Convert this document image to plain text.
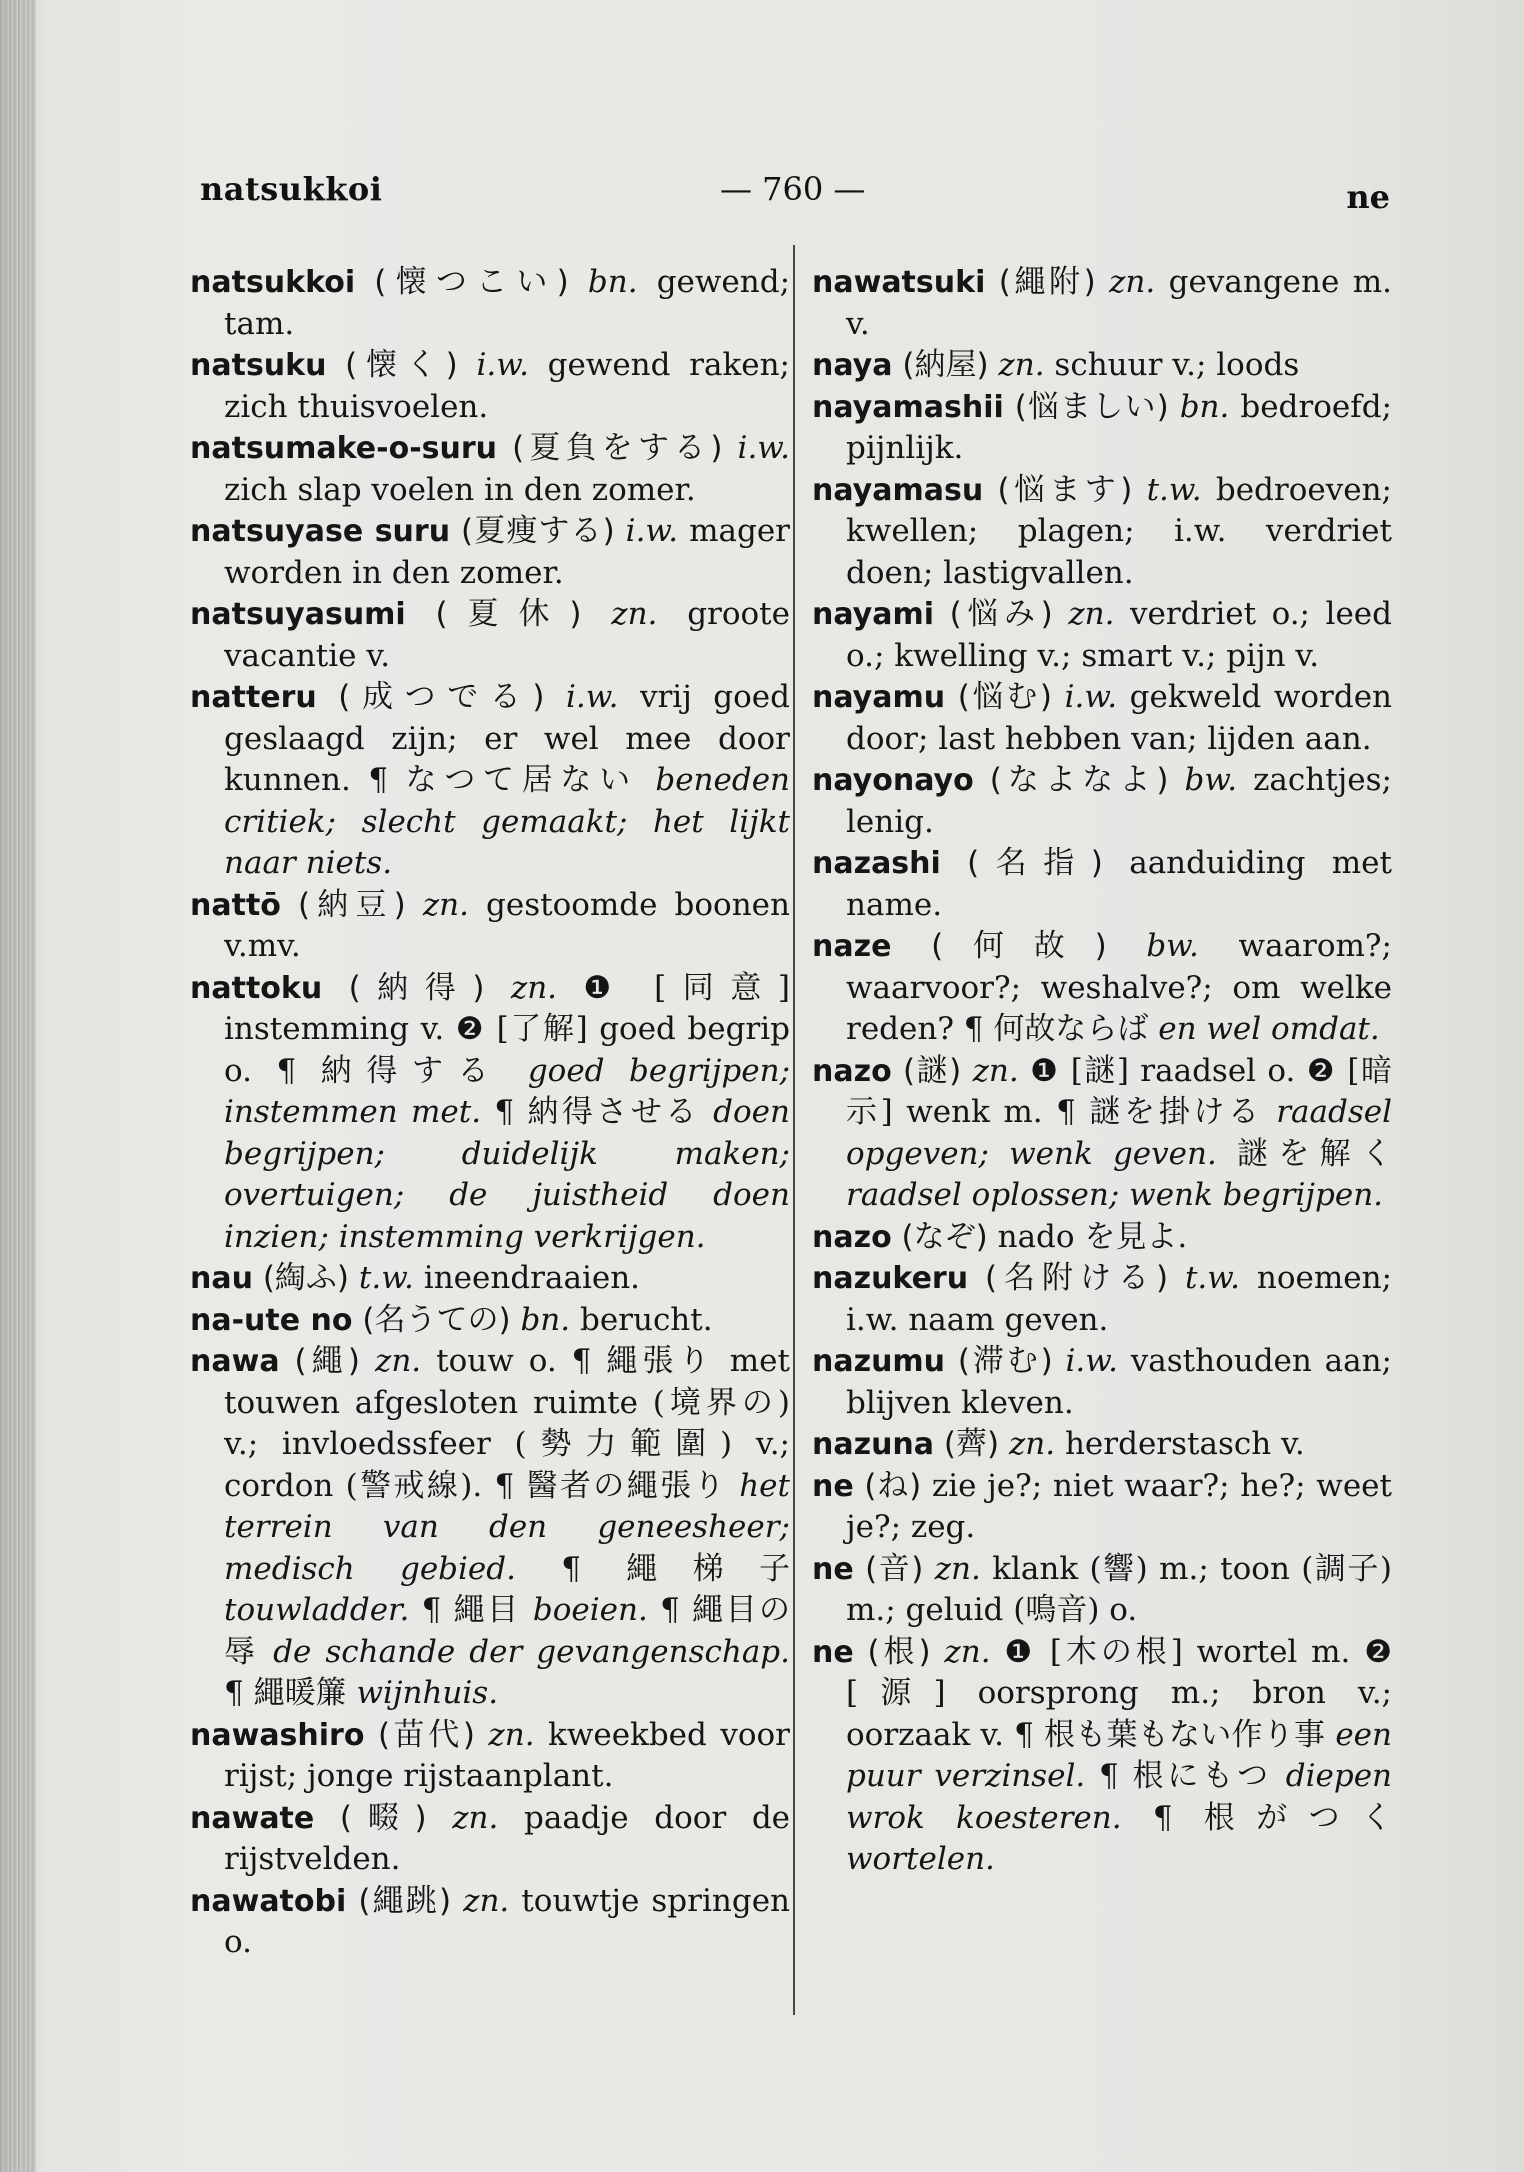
natsukkoi	— 760 —	ne

natsukkoi (懐つこい) bn. gewend; tam.

natsuku (懐く) i.w. gewend raken; zich thuisvoelen.

natsumake-o-suru (夏負をする) i.w. zich slap voelen in den zomer.

natsuyase suru (夏痩する) i.w. mager worden in den zomer.

natsuyasumi (夏休) zn. groote vacantie v.

natteru (成つでる) i.w. vrij goed geslaagd zijn; er wel mee door kunnen. ¶ なつて居ない beneden critiek; slecht gemaakt; het lijkt naar niets.

nattō (納豆) zn. gestoomde boonen v.mv.

nattoku (納得) zn. ❶ [同意] instemming v. ❷ [了解] goed begrip o. ¶ 納得する goed begrijpen; instemmen met. ¶ 納得させる doen begrijpen; duidelijk maken; overtuigen; de juistheid doen inzien; instemming verkrijgen.

nau (綯ふ) t.w. ineendraaien.

na-ute no (名うての) bn. berucht.

nawa (繩) zn. touw o. ¶ 繩張り met touwen afgesloten ruimte (境界の) v.; invloedssfeer (勢力範圍) v.; cordon (警戒線). ¶ 醫者の繩張り het terrein van den geneesheer; medisch gebied. ¶ 繩梯子 touwladder. ¶ 繩目 boeien. ¶ 繩目の辱 de schande der gevangenschap. ¶ 繩暖簾 wijnhuis.

nawashiro (苗代) zn. kweekbed voor rijst; jonge rijstaanplant.

nawate (畷) zn. paadje door de rijstvelden.

nawatobi (繩跳) zn. touwtje springen o.

nawatsuki (繩附) zn. gevangene m. v.

naya (納屋) zn. schuur v.; loods

nayamashii (悩ましい) bn. bedroefd; pijnlijk.

nayamasu (悩ます) t.w. bedroeven; kwellen; plagen; i.w. verdriet doen; lastigvallen.

nayami (悩み) zn. verdriet o.; leed o.; kwelling v.; smart v.; pijn v.

nayamu (悩む) i.w. gekweld worden door; last hebben van; lijden aan.

nayonayo (なよなよ) bw. zachtjes; lenig.

nazashi (名指) aanduiding met name.

naze (何故) bw. waarom?; waarvoor?; weshalve?; om welke reden? ¶ 何故ならば en wel omdat.

nazo (謎) zn. ❶ [謎] raadsel o. ❷ [暗示] wenk m. ¶ 謎を掛ける raadsel opgeven; wenk geven. 謎を解く raadsel oplossen; wenk begrijpen.

nazo (なぞ) nado を見よ.

nazukeru (名附ける) t.w. noemen; i.w. naam geven.

nazumu (滞む) i.w. vasthouden aan; blijven kleven.

nazuna (薺) zn. herderstasch v.

ne (ね) zie je?; niet waar?; he?; weet je?; zeg.

ne (音) zn. klank (響) m.; toon (調子) m.; geluid (鳴音) o.

ne (根) zn. ❶ [木の根] wortel m. ❷ [源] oorsprong m.; bron v.; oorzaak v. ¶ 根も葉もない作り事 een puur verzinsel. ¶ 根にもつ diepen wrok koesteren. ¶ 根がつく wortelen.
